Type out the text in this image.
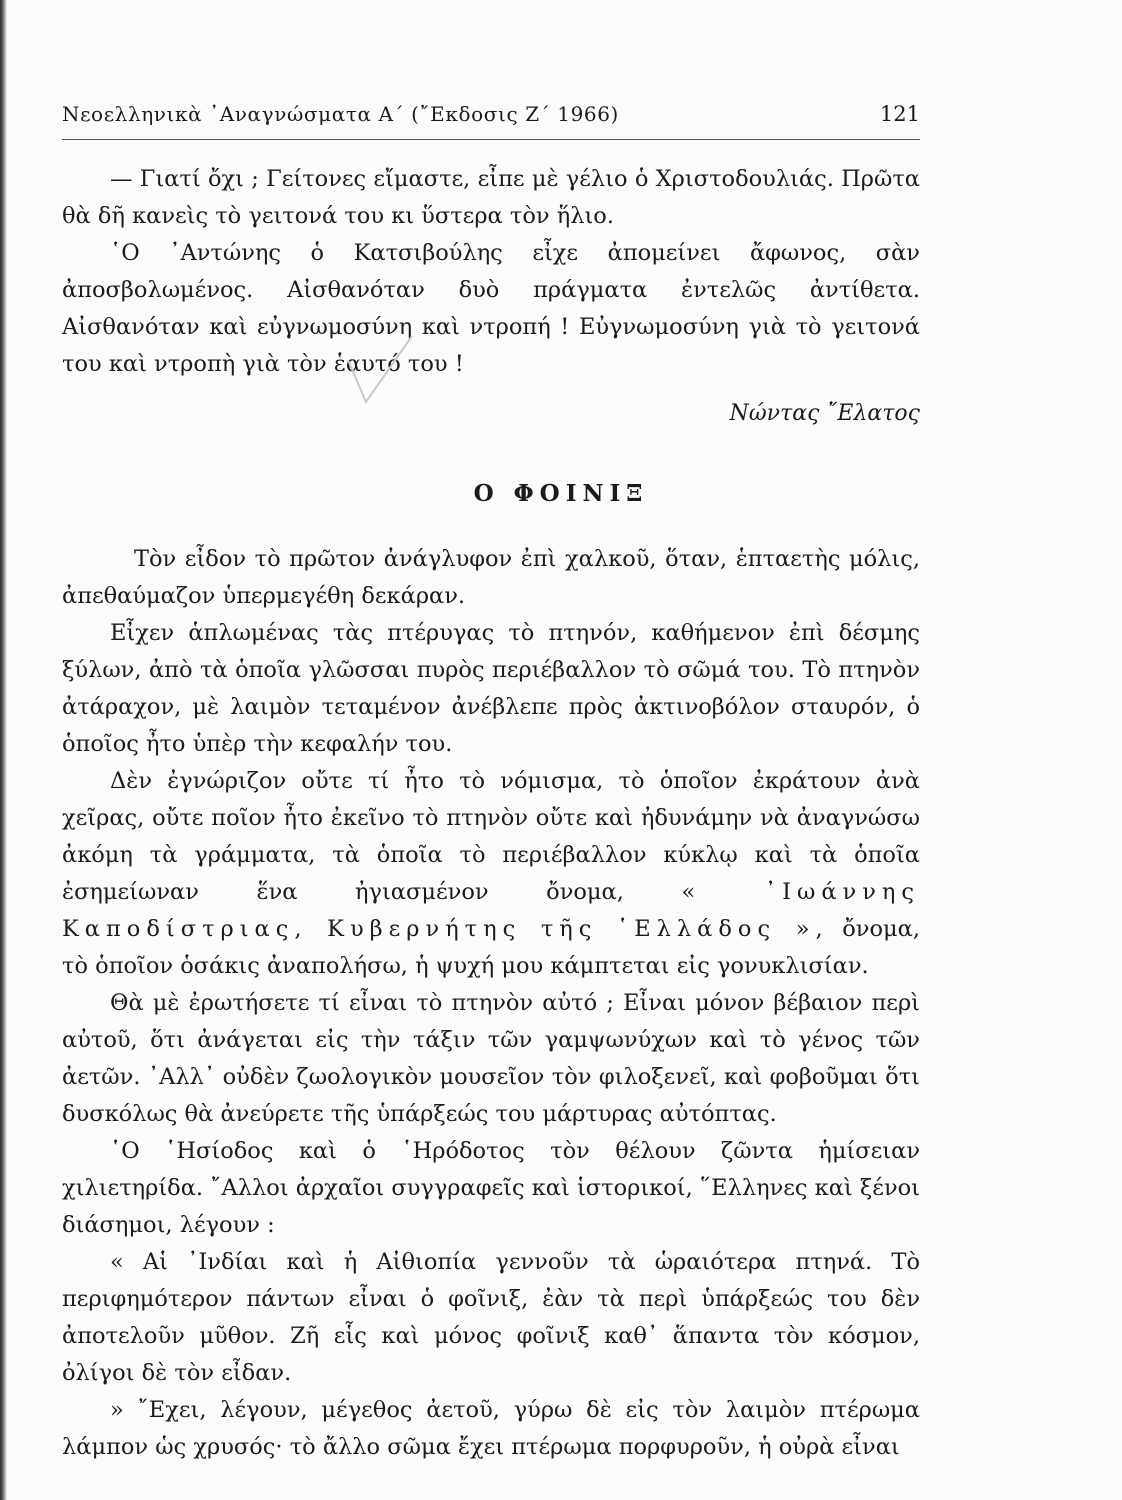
Νεοελληνικὰ ᾿Αναγνώσματα Α΄ (῎Εκδοσις Ζ΄ 1966)	121

— Γιατί ὄχι ; Γείτονες εἴμαστε, εἶπε μὲ γέλιο ὁ Χριστοδουλιάς. Πρῶτα θὰ δῆ κανεὶς τὸ γειτονά του κι ὕστερα τὸν ἥλιο.

῾Ο ᾿Αντώνης ὁ Κατσιβούλης εἶχε ἀπομείνει ἄφωνος, σὰν ἀποσβολωμένος. Αἰσθανόταν δυὸ πράγματα ἐντελῶς ἀντίθετα. Αἰσθανόταν καὶ εὐγνωμοσύνη καὶ ντροπή ! Εὐγνωμοσύνη γιὰ τὸ γειτονά του καὶ ντροπὴ γιὰ τὸν ἑαυτό του !

Νώντας ῎Ελατος
Ο ΦΟΙΝΙΞ

Τὸν εἶδον τὸ πρῶτον ἀνάγλυφον ἐπὶ χαλκοῦ, ὅταν, ἑπταετὴς μόλις, ἀπεθαύμαζον ὑπερμεγέθη δεκάραν.

Εἶχεν ἁπλωμένας τὰς πτέρυγας τὸ πτηνόν, καθήμενον ἐπὶ δέσμης ξύλων, ἀπὸ τὰ ὁποῖα γλῶσσαι πυρὸς περιέβαλλον τὸ σῶμά του. Τὸ πτηνὸν ἀτάραχον, μὲ λαιμὸν τεταμένον ἀνέβλεπε πρὸς ἀκτινοβόλον σταυρόν, ὁ ὁποῖος ἦτο ὑπὲρ τὴν κεφαλήν του.

Δὲν ἐγνώριζον οὔτε τί ἦτο τὸ νόμισμα, τὸ ὁποῖον ἐκράτουν ἀνὰ χεῖρας, οὔτε ποῖον ἦτο ἐκεῖνο τὸ πτηνὸν οὔτε καὶ ἠδυνάμην νὰ ἀναγνώσω ἀκόμη τὰ γράμματα, τὰ ὁποῖα τὸ περιέβαλλον κύκλῳ καὶ τὰ ὁποῖα ἐσημείωναν ἕνα ἠγιασμένον ὄνομα,	« ᾿Ιωάννης Καποδίστριας, Κυβερνήτης τῆς ῾Ελλάδος », ὄνομα, τὸ ὁποῖον ὁσάκις ἀναπολήσω, ἡ ψυχή μου κάμπτεται εἰς γονυκλισίαν.

Θὰ μὲ ἐρωτήσετε τί εἶναι τὸ πτηνὸν αὐτό ; Εἶναι μόνον βέβαιον περὶ αὐτοῦ, ὅτι ἀνάγεται εἰς τὴν τάξιν τῶν γαμψωνύχων καὶ τὸ γένος τῶν ἀετῶν. ᾿Αλλ᾿ οὐδὲν ζωολογικὸν μουσεῖον τὸν φιλοξενεῖ, καὶ φοβοῦμαι ὅτι δυσκόλως θὰ ἀνεύρετε τῆς ὑπάρξεώς του μάρτυρας αὐτόπτας.

῾Ο ῾Ησίοδος καὶ ὁ ῾Ηρόδοτος τὸν θέλουν ζῶντα ἡμίσειαν χιλιετηρίδα. ῎Αλλοι ἀρχαῖοι συγγραφεῖς καὶ ἱστορικοί, ῞Ελληνες καὶ ξένοι διάσημοι, λέγουν :

« Αἱ ᾿Ινδίαι καὶ ἡ Αἰθιοπία γεννοῦν τὰ ὡραιότερα πτηνά. Τὸ περιφημότερον πάντων εἶναι ὁ φοῖνιξ, ἐὰν τὰ περὶ ὑπάρξεώς του δὲν ἀποτελοῦν μῦθον. Ζῆ εἷς καὶ μόνος φοῖνιξ καθ᾿ ἅπαντα τὸν κόσμον, ὀλίγοι δὲ τὸν εἶδαν.

» ῎Εχει, λέγουν, μέγεθος ἀετοῦ, γύρω δὲ εἰς τὸν λαιμὸν πτέρωμα λάμπον ὡς χρυσός· τὸ ἄλλο σῶμα ἔχει πτέρωμα πορφυροῦν, ἡ οὐρὰ εἶναι
